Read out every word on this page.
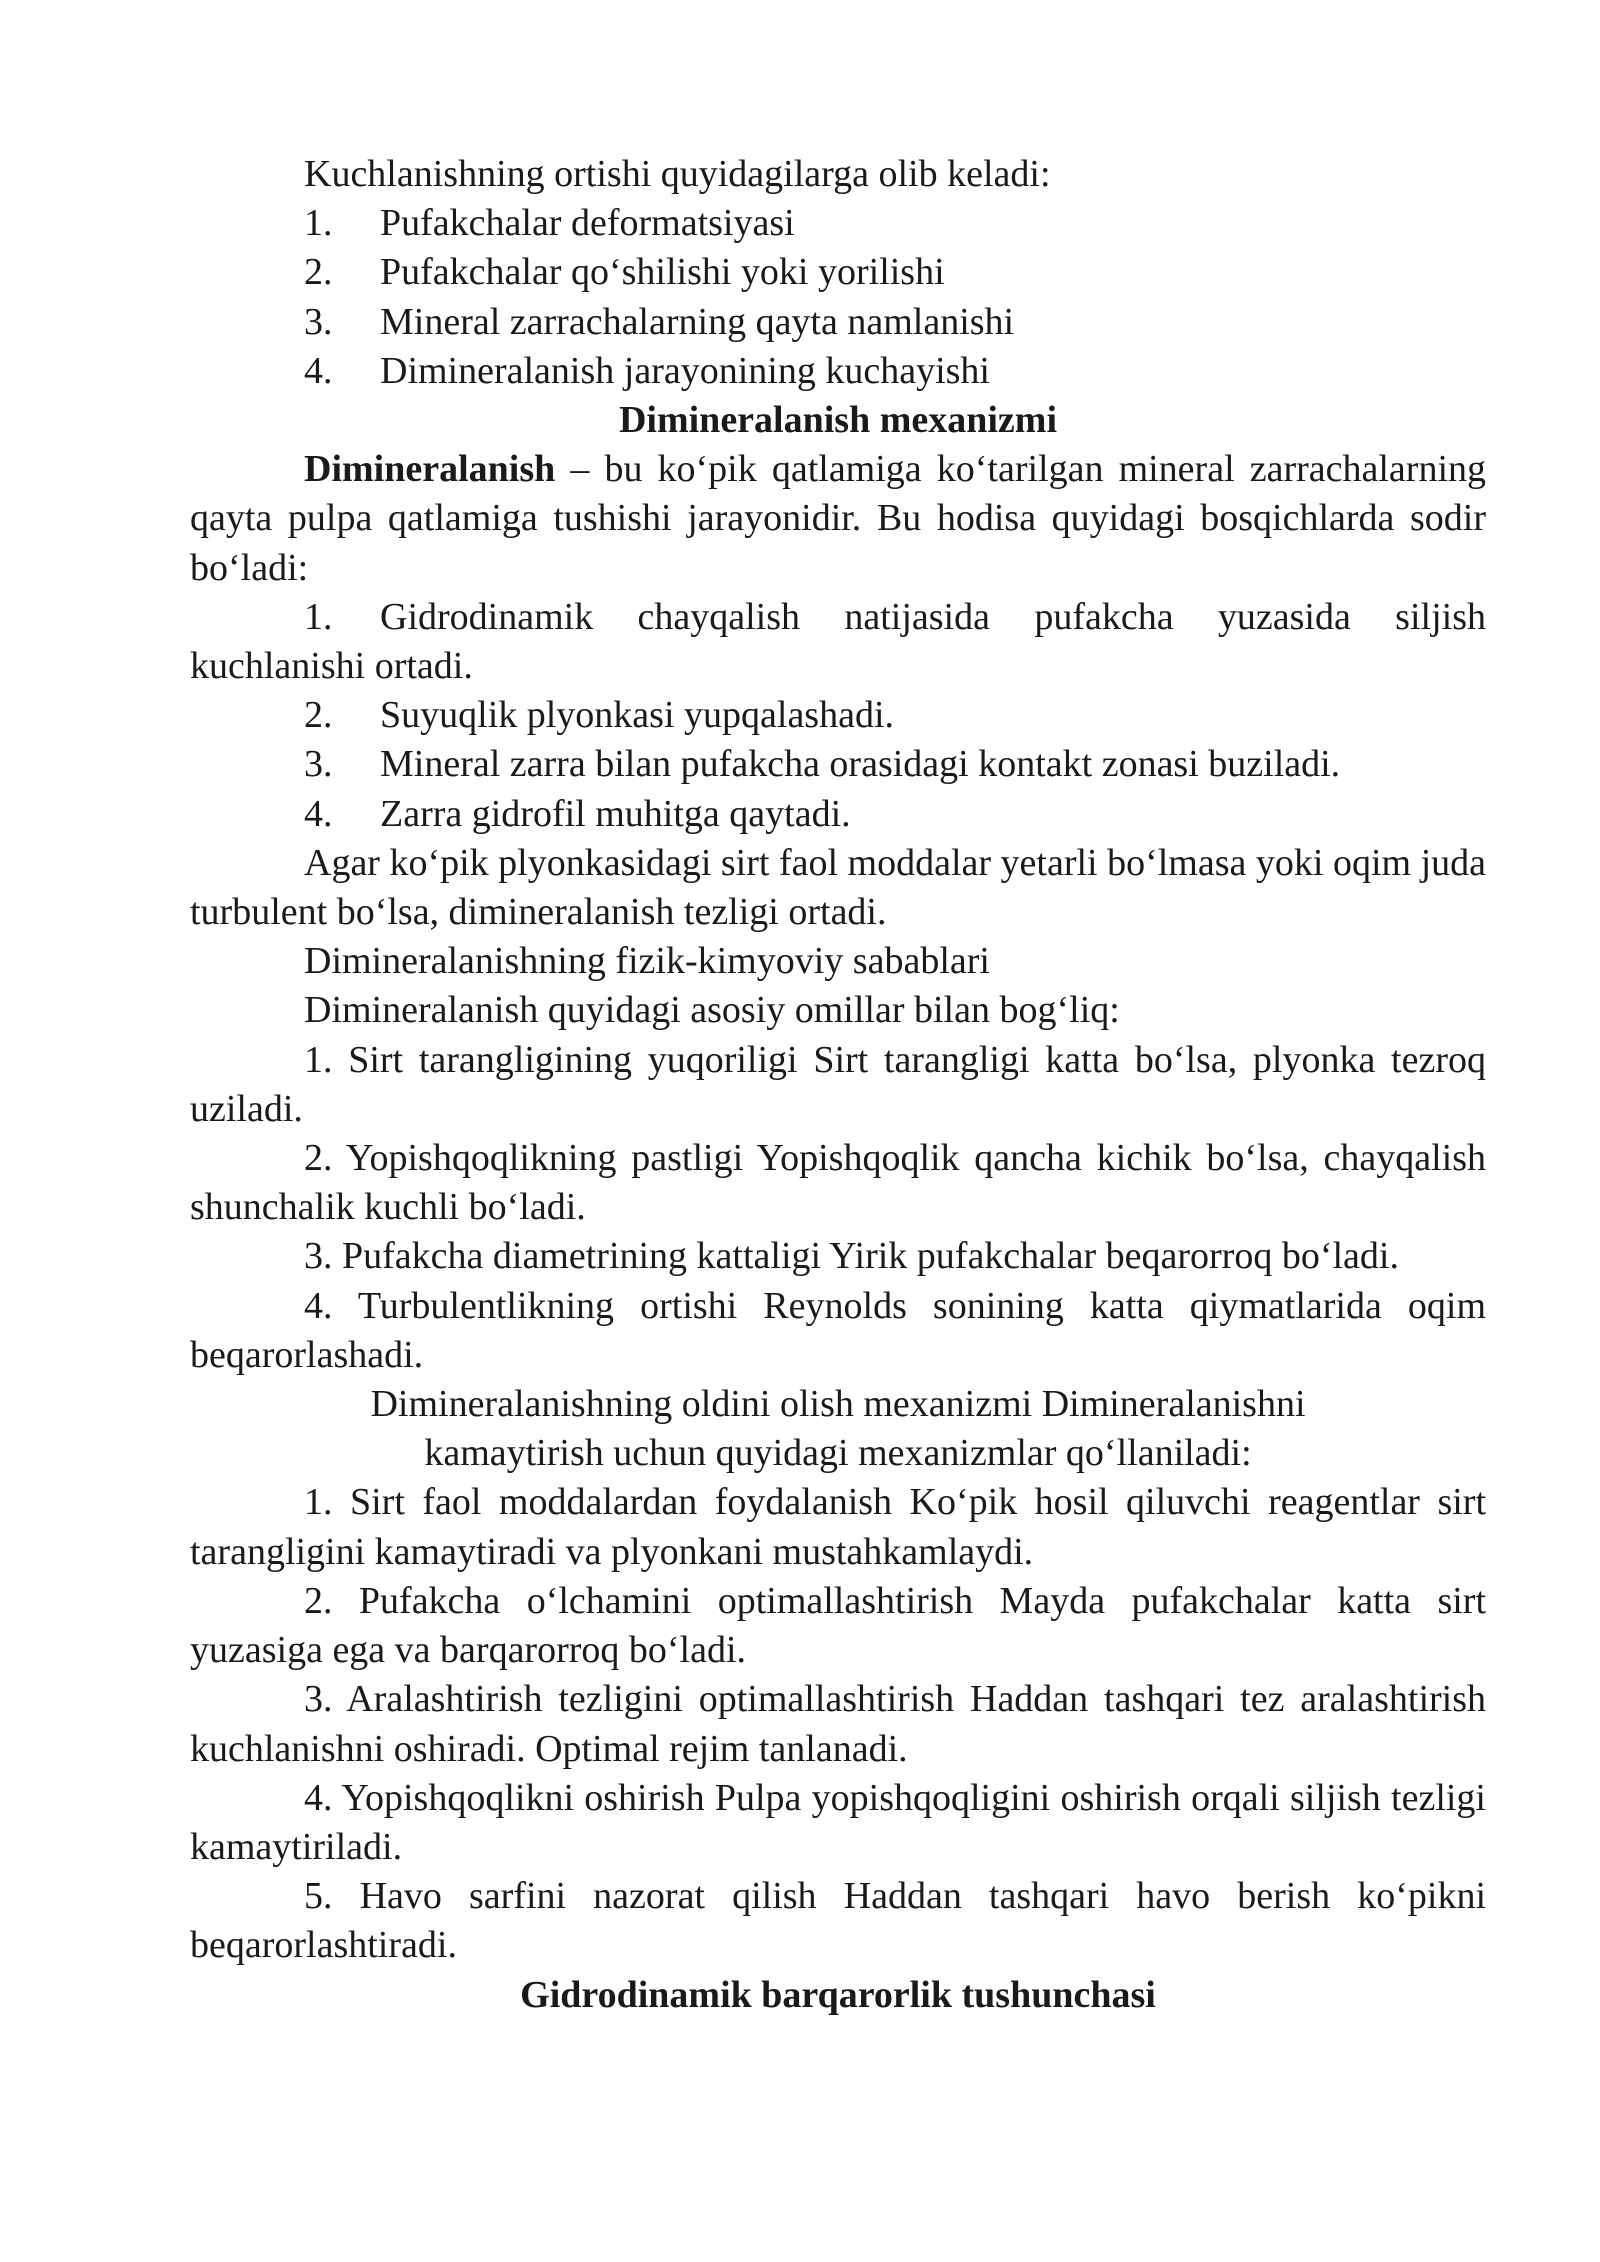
Kuchlanishning ortishi quyidagilarga olib keladi:

1.	Pufakchalar deformatsiyasi

2.	Pufakchalar qo‘shilishi yoki yorilishi

3.	Mineral zarrachalarning qayta namlanishi

4.	Dimineralanish jarayonining kuchayishi

Dimineralanish mexanizmi

Dimineralanish – bu ko‘pik qatlamiga ko‘tarilgan mineral zarrachalarning qayta pulpa qatlamiga tushishi jarayonidir. Bu hodisa quyidagi bosqichlarda sodir bo‘ladi:

1. Gidrodinamik chayqalish natijasida pufakcha yuzasida siljish kuchlanishi ortadi.

2.	Suyuqlik plyonkasi yupqalashadi.

3.	Mineral zarra bilan pufakcha orasidagi kontakt zonasi buziladi.

4.	Zarra gidrofil muhitga qaytadi.

Agar ko‘pik plyonkasidagi sirt faol moddalar yetarli bo‘lmasa yoki oqim juda turbulent bo‘lsa, dimineralanish tezligi ortadi.

Dimineralanishning fizik-kimyoviy sabablari

Dimineralanish quyidagi asosiy omillar bilan bog‘liq:

1. Sirt tarangligining yuqoriligi Sirt tarangligi katta bo‘lsa, plyonka tezroq uziladi.

2. Yopishqoqlikning pastligi Yopishqoqlik qancha kichik bo‘lsa, chayqalish shunchalik kuchli bo‘ladi.

3. Pufakcha diametrining kattaligi Yirik pufakchalar beqarorroq bo‘ladi.

4. Turbulentlikning ortishi Reynolds sonining katta qiymatlarida oqim beqarorlashadi.

Dimineralanishning oldini olish mexanizmi Dimineralanishni

kamaytirish uchun quyidagi mexanizmlar qo‘llaniladi:

1. Sirt faol moddalardan foydalanish Ko‘pik hosil qiluvchi reagentlar sirt tarangligini kamaytiradi va plyonkani mustahkamlaydi.

2. Pufakcha o‘lchamini optimallashtirish Mayda pufakchalar katta sirt yuzasiga ega va barqarorroq bo‘ladi.

3. Aralashtirish tezligini optimallashtirish Haddan tashqari tez aralashtirish kuchlanishni oshiradi. Optimal rejim tanlanadi.

4. Yopishqoqlikni oshirish Pulpa yopishqoqligini oshirish orqali siljish tezligi kamaytiriladi.

5. Havo sarfini nazorat qilish Haddan tashqari havo berish ko‘pikni beqarorlashtiradi.

Gidrodinamik barqarorlik tushunchasi
